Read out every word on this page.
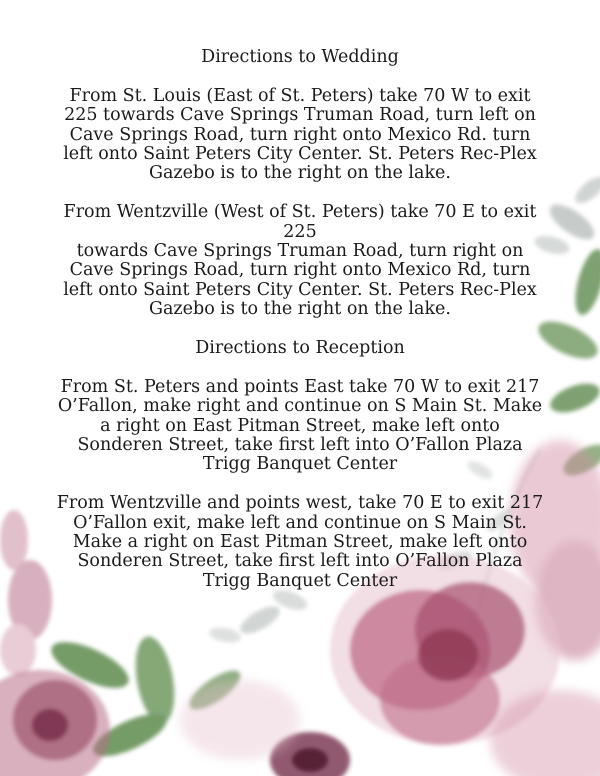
Directions to Wedding

From St. Louis (East of St. Peters) take 70 W to exit
225 towards Cave Springs Truman Road, turn left on
Cave Springs Road, turn right onto Mexico Rd. turn
left onto Saint Peters City Center. St. Peters Rec-Plex
Gazebo is to the right on the lake.

From Wentzville (West of St. Peters) take 70 E to exit
225
towards Cave Springs Truman Road, turn right on
Cave Springs Road, turn right onto Mexico Rd, turn
left onto Saint Peters City Center. St. Peters Rec-Plex
Gazebo is to the right on the lake.

Directions to Reception

From St. Peters and points East take 70 W to exit 217
O’Fallon, make right and continue on S Main St. Make
a right on East Pitman Street, make left onto
Sonderen Street, take first left into O’Fallon Plaza
Trigg Banquet Center

From Wentzville and points west, take 70 E to exit 217
O’Fallon exit, make left and continue on S Main St.
Make a right on East Pitman Street, make left onto
Sonderen Street, take first left into O’Fallon Plaza
Trigg Banquet Center
